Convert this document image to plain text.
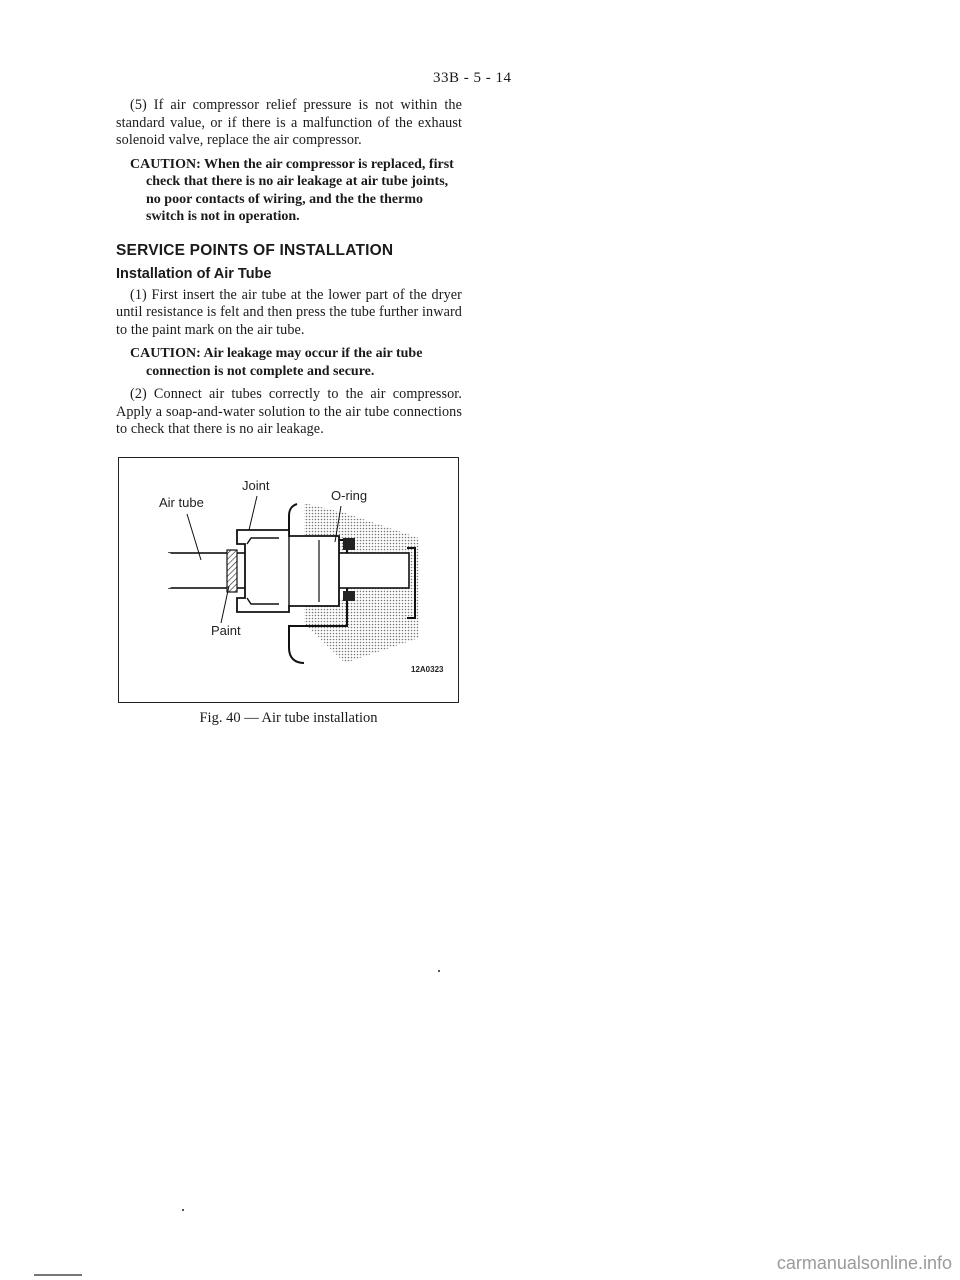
33B - 5 - 14

(5) If air compressor relief pressure is not within the standard value, or if there is a malfunction of the exhaust solenoid valve, replace the air compressor.

CAUTION: When the air compressor is replaced, first check that there is no air leakage at air tube joints, no poor contacts of wiring, and the the thermo switch is not in operation.

SERVICE POINTS OF INSTALLATION
Installation of Air Tube

(1) First insert the air tube at the lower part of the dryer until resistance is felt and then press the tube further inward to the paint mark on the air tube.

CAUTION: Air leakage may occur if the air tube connection is not complete and secure.

(2) Connect air tubes correctly to the air compressor. Apply a soap-and-water solution to the air tube connections to check that there is no air leakage.

Air tube
Joint
O-ring
Paint
12A0323
Fig. 40 — Air tube installation
carmanualsonline.info
